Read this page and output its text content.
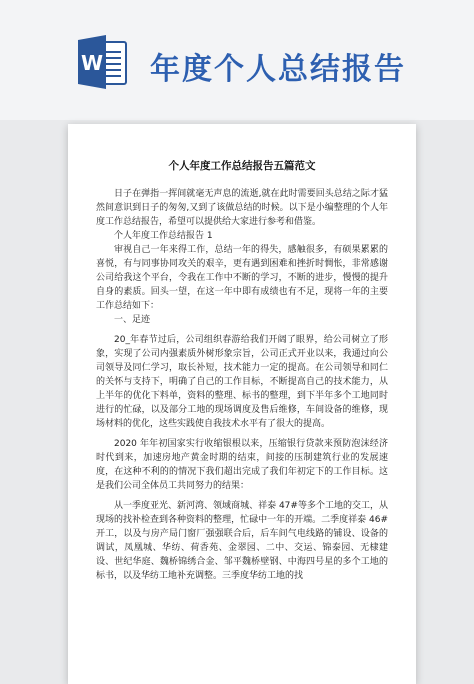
W 年度个人总结报告
个人年度工作总结报告五篇范文

日子在弹指一挥间就毫无声息的流逝,就在此时需要回头总结之际才猛然间意识到日子的匆匆,又到了该做总结的时候。以下是小编整理的个人年度工作总结报告，希望可以提供给大家进行参考和借鉴。

个人年度工作总结报告 1

审视自己一年来得工作，总结一年的得失，感触很多，有硕果累累的喜悦，有与同事协同攻关的艰辛，更有遇到困难和挫折时惆怅，非常感谢公司给我这个平台，令我在工作中不断的学习，不断的进步，慢慢的提升自身的素质。回头一望，在这一年中即有成绩也有不足，现将一年的主要工作总结如下：

一、足迹

20_年春节过后，公司组织春游给我们开阔了眼界，给公司树立了形象，实现了公司内强素质外树形象宗旨，公司正式开业以来，我通过向公司领导及同仁学习，取长补短，技术能力一定的提高。在公司领导和同仁的关怀与支持下，明确了自己的工作目标，不断提高自己的技术能力，从上半年的优化下料单，资料的整理、标书的整理，到下半年多个工地同时进行的忙碌，以及部分工地的现场调度及售后维修，车间设备的维修，现场材料的优化，这些实践使自我技术水平有了很大的提高。

2020 年年初国家实行收缩银根以来，压缩银行贷款来预防泡沫经济时代到来，加速房地产黄金时期的结束，间接的压制建筑行业的发展速度，在这种不利的的情况下我们超出完成了我们年初定下的工作目标。这是我们公司全体员工共同努力的结果：

从一季度亚光、新河湾、领域商城、祥泰 47#等多个工地的交工，从现场的找补检查到各种资料的整理，忙碌中一年的开端。二季度祥泰 46#开工，以及与房产局门窗厂强强联合后，后车间气电线路的铺设、设备的调试，凤凰城、华纺、荷香苑、金翠园、二中、交运、锦泰园、无棣建设、世纪华庭、魏桥锦绣合金、邹平魏桥壁钢、中海四号星的多个工地的标书，以及华纺工地补充调整。三季度华纺工地的找
